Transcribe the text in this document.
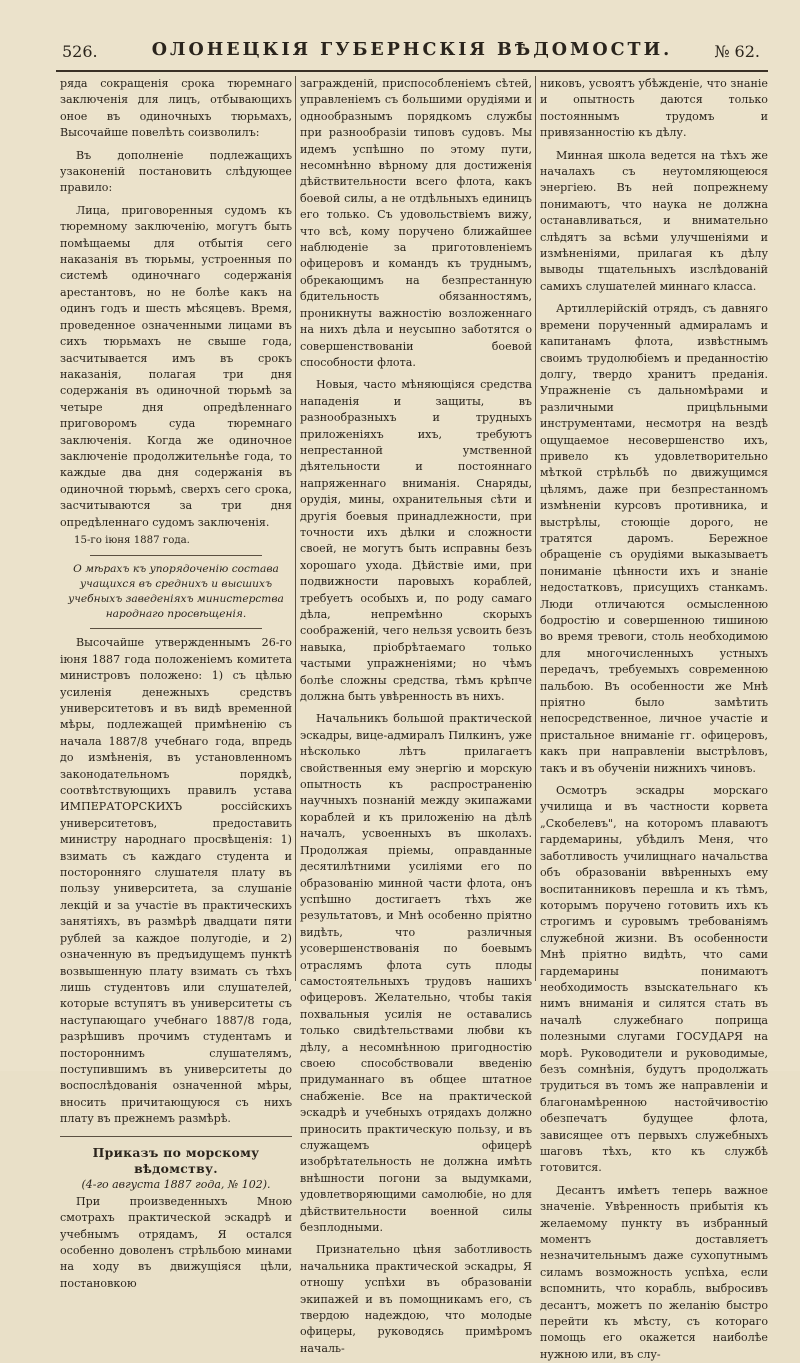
526.	ОЛОНЕЦКІЯ ГУБЕРНСКІЯ ВѢДОМОСТИ.	№ 62.

ряда сокращенія срока тюремнаго заключенія для лицъ, отбывающихъ оное въ одиночныхъ тюрьмахъ, Высочайше повелѣть соизволилъ:

Въ дополненіе подлежащихъ узаконеній постановить слѣдующее правило:

Лица, приговоренныя судомъ къ тюремному заключенію, могутъ быть помѣщаемы для отбытія сего наказанія въ тюрьмы, устроенныя по системѣ одиночнаго содержанія арестантовъ, но не болѣе какъ на одинъ годъ и шесть мѣсяцевъ. Время, проведенное означенными лицами въ сихъ тюрьмахъ не свыше года, засчитывается имъ въ срокъ наказанія, полагая три дня содержанія въ одиночной тюрьмѣ за четыре дня опредѣленнаго приговоромъ суда тюремнаго заключенія. Когда же одиночное заключеніе продолжительнѣе года, то каждые два дня содержанія въ одиночной тюрьмѣ, сверхъ сего срока, засчитываются за три дня опредѣленнаго судомъ заключенія.

15-го іюня 1887 года.

О мѣрахъ къ упорядоченію состава учащихся въ среднихъ и высшихъ учебныхъ заведеніяхъ министерства народнаго просвѣщенія.

Высочайше утвержденнымъ 26-го іюня 1887 года положеніемъ комитета министровъ положено: 1) съ цѣлью усиленія денежныхъ средствъ университетовъ и въ видѣ временной мѣры, подлежащей примѣненію съ начала 1887/8 учебнаго года, впредь до измѣненія, въ установленномъ законодательномъ порядкѣ, соотвѣтствующихъ правилъ устава ИМПЕРАТОРСКИХЪ россійскихъ университетовъ, предоставить министру народнаго просвѣщенія: 1) взимать съ каждаго студента и посторонняго слушателя плату въ пользу университета, за слушаніе лекцій и за участіе въ практическихъ занятіяхъ, въ размѣрѣ двадцати пяти рублей за каждое полугодіе, и 2) означенную въ предъидущемъ пунктѣ возвышенную плату взимать съ тѣхъ лишь студентовъ или слушателей, которые вступятъ въ университеты съ наступающаго учебнаго 1887/8 года, разрѣшивъ прочимъ студентамъ и постороннимъ слушателямъ, поступившимъ въ университеты до воспослѣдованія означенной мѣры, вносить причитающуюся съ нихъ плату въ прежнемъ размѣрѣ.

Приказъ по морскому вѣдомству.

(4-го августа 1887 года, № 102).

При произведенныхъ Мною смотрахъ практической эскадрѣ и учебнымъ отрядамъ, Я остался особенно доволенъ стрѣльбою минами на ходу въ движущіяся цѣли, постановкою

загражденій, приспособленіемъ сѣтей, управленіемъ съ большими орудіями и однообразнымъ порядкомъ службы при разнообразіи типовъ судовъ. Мы идемъ успѣшно по этому пути, несомнѣнно вѣрному для достиженія дѣйствительности всего флота, какъ боевой силы, а не отдѣльныхъ единицъ его только. Съ удовольствіемъ вижу, что всѣ, кому поручено ближайшее наблюденіе за приготовленіемъ офицеровъ и командъ къ труднымъ, обрекающимъ на безпрестанную бдительность обязанностямъ, проникнуты важностію возложеннаго на нихъ дѣла и неусыпно заботятся о совершенствованіи боевой способности флота.

Новыя, часто мѣняющіяся средства нападенія и защиты, въ разнообразныхъ и трудныхъ приложеніяхъ ихъ, требуютъ непрестанной умственной дѣятельности и постояннаго напряженнаго вниманія. Снаряды, орудія, мины, охранительныя сѣти и другія боевыя принадлежности, при точности ихъ дѣлки и сложности своей, не могутъ быть исправны безъ хорошаго ухода. Дѣйствіе ими, при подвижности паровыхъ кораблей, требуетъ особыхъ и, по роду самаго дѣла, непремѣнно скорыхъ соображеній, чего нельзя усвоить безъ навыка, пріобрѣтаемаго только частыми упражненіями; но чѣмъ болѣе сложны средства, тѣмъ крѣпче должна быть увѣренность въ нихъ.

Начальникъ большой практической эскадры, вице-адмиралъ Пилкинъ, уже нѣсколько лѣтъ прилагаетъ свойственныя ему энергію и морскую опытность къ распространенію научныхъ познаній между экипажами кораблей и къ приложенію на дѣлѣ началъ, усвоенныхъ въ школахъ. Продолжая пріемы, оправданные десятилѣтними усиліями его по образованію минной части флота, онъ успѣшно достигаетъ тѣхъ же результатовъ, и Мнѣ особенно пріятно видѣть, что различныя усовершенствованія по боевымъ отраслямъ флота суть плоды самостоятельныхъ трудовъ нашихъ офицеровъ. Желательно, чтобы такія похвальныя усилія не оставались только свидѣтельствами любви къ дѣлу, а несомнѣнною пригодностію своею способствовали введенію придуманнаго въ общее штатное снабженіе. Все на практической эскадрѣ и учебныхъ отрядахъ должно приносить практическую пользу, и въ служащемъ офицерѣ изобрѣтательность не должна имѣть внѣшности погони за выдумками, удовлетворяющими самолюбіе, но для дѣйствительности военной силы безплодными.

Признательно цѣня заботливость начальника практической эскадры, Я отношу успѣхи въ образованіи экипажей и въ помощникамъ его, съ твердою надеждою, что молодые офицеры, руководясь примѣромъ началь-

никовъ, усвоятъ убѣжденіе, что знаніе и опытность даются только постояннымъ трудомъ и привязанностію къ дѣлу.

Минная школа ведется на тѣхъ же началахъ съ неутомляющеюся энергіею. Въ ней попрежнему понимаютъ, что наука не должна останавливаться, и внимательно слѣдятъ за всѣми улучшеніями и измѣненіями, прилагая къ дѣлу выводы тщательныхъ изслѣдованій самихъ слушателей миннаго класса.

Артиллерійскій отрядъ, съ давняго времени порученный адмираламъ и капитанамъ флота, извѣстнымъ своимъ трудолюбіемъ и преданностію долгу, твердо хранитъ преданія. Упражненіе съ дальномѣрами и различными прицѣльными инструментами, несмотря на вездѣ ощущаемое несовершенство ихъ, привело къ удовлетворительно мѣткой стрѣльбѣ по движущимся цѣлямъ, даже при безпрестанномъ измѣненіи курсовъ противника, и выстрѣлы, стоющіе дорого, не тратятся даромъ. Бережное обращеніе съ орудіями выказываетъ пониманіе цѣнности ихъ и знаніе недостатковъ, присущихъ станкамъ. Люди отличаются осмысленною бодростію и совершенною тишиною во время тревоги, столь необходимою для многочисленныхъ устныхъ передачъ, требуемыхъ современною пальбою. Въ особенности же Мнѣ пріятно было замѣтить непосредственное, личное участіе и пристальное вниманіе гг. офицеровъ, какъ при направленіи выстрѣловъ, такъ и въ обученіи нижнихъ чиновъ.

Осмотръ эскадры морскаго училища и въ частности корвета „Скобелевъ", на которомъ плаваютъ гардемарины, убѣдилъ Меня, что заботливость училищнаго начальства объ образованіи ввѣренныхъ ему воспитанниковъ перешла и къ тѣмъ, которымъ поручено готовить ихъ къ строгимъ и суровымъ требованіямъ служебной жизни. Въ особенности Мнѣ пріятно видѣть, что сами гардемарины понимаютъ необходимость взыскательнаго къ нимъ вниманія и силятся стать въ началѣ служебнаго поприща полезными слугами ГОСУДАРЯ на морѣ. Руководители и руководимые, безъ сомнѣнія, будутъ продолжать трудиться въ томъ же направленіи и благонамѣренною настойчивостію обезпечатъ будущее флота, зависящее отъ первыхъ служебныхъ шаговъ тѣхъ, кто къ службѣ готовится.

Десантъ имѣетъ теперь важное значеніе. Увѣренность прибытія къ желаемому пункту въ избранный моментъ доставляетъ незначительнымъ даже сухопутнымъ силамъ возможность успѣха, если вспомнить, что корабль, выбросивъ десантъ, можетъ по желанію быстро перейти къ мѣсту, съ котораго помощь его окажется наиболѣе нужною или, въ слу-
